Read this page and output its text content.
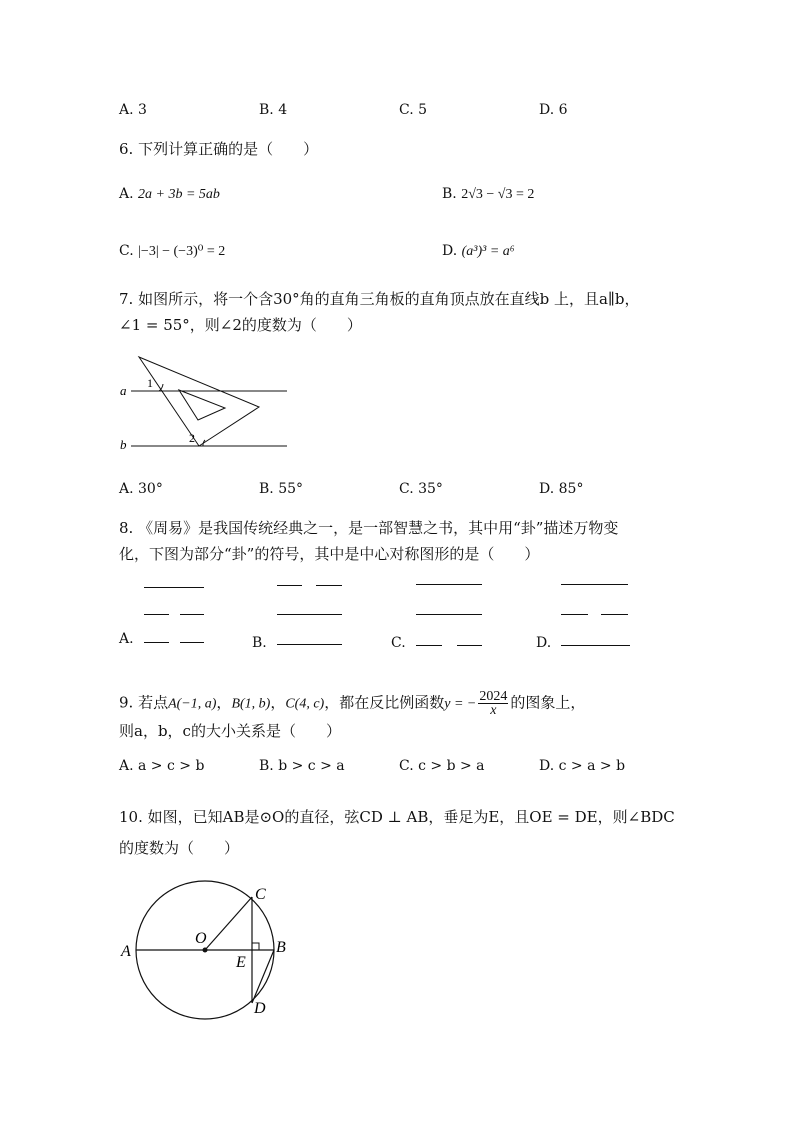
A. 3	B. 4	C. 5	D. 6
6. 下列计算正确的是（　　）
A. 2a + 3b = 5ab	B. 2√3 − √3 = 2
C. |−3| − (−3)⁰ = 2	D. (a³)³ = a⁶
7. 如图所示，将一个含30°角的直角三角板的直角顶点放在直线b 上，且a∥b，
∠1 = 55°，则∠2的度数为（　　）
a
b
1
2
A. 30°	B. 55°	C. 35°	D. 85°
8. 《周易》是我国传统经典之一，是一部智慧之书，其中用“卦”描述万物变
化，下图为部分“卦”的符号，其中是中心对称图形的是（　　）
A.	B.	C.	D.
9. 若点A(−1, a)，B(1, b)，C(4, c)，都在反比例函数y = − $\frac{2024}{x}$ 的图象上，
则a，b，c的大小关系是（　　）
A. a > c > b	B. b > c > a	C. c > b > a	D. c > a > b
10. 如图，已知AB是⊙O的直径，弦CD ⊥ AB，垂足为E，且OE = DE，则∠BDC
的度数为（　　）
A	B
C
D
E
O
